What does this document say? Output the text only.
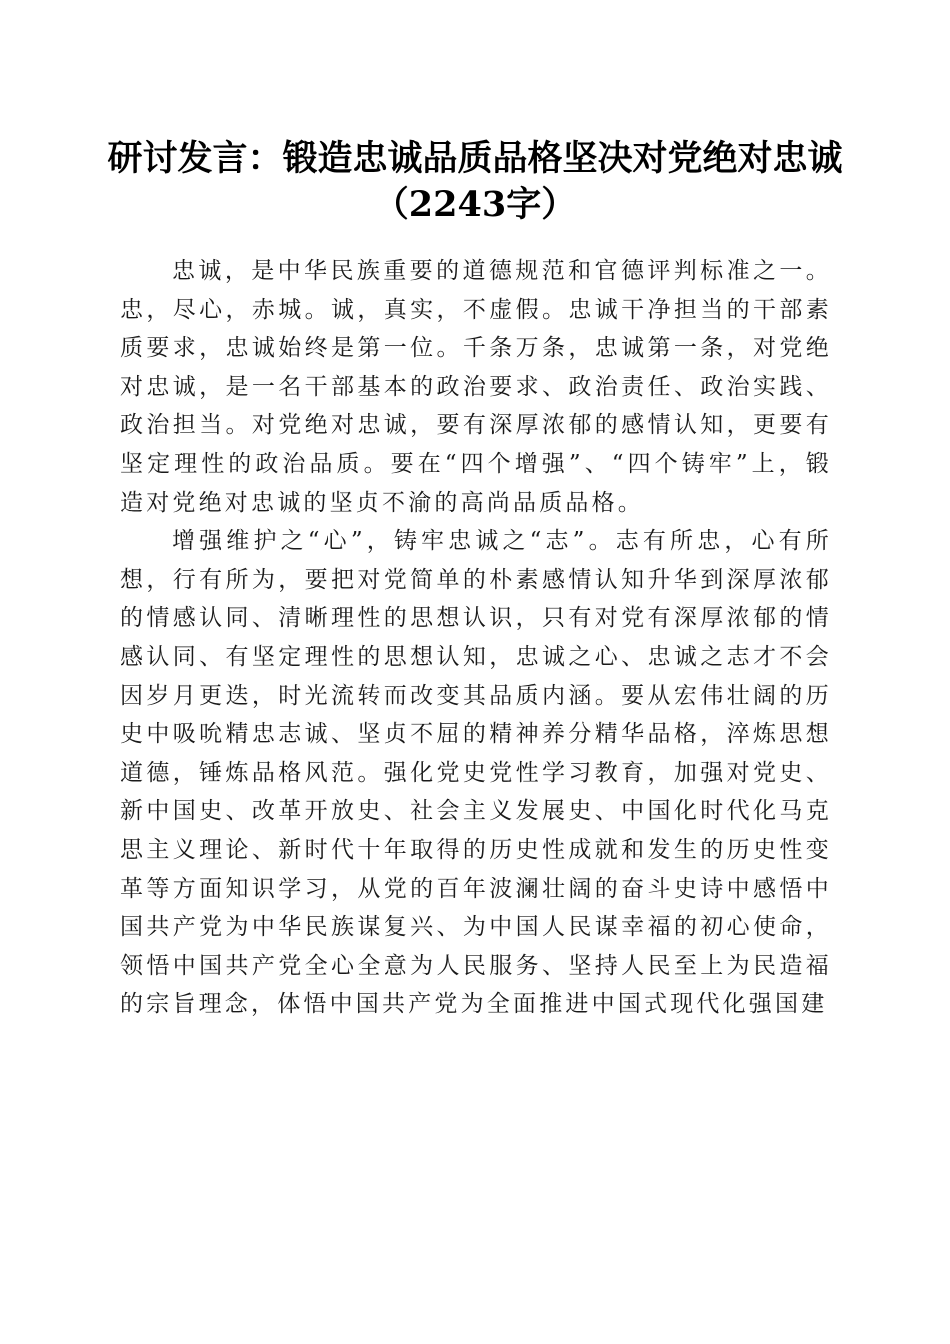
研讨发言：锻造忠诚品质品格坚决对党绝对忠诚（2243字）

忠诚，是中华民族重要的道德规范和官德评判标准之一。忠，尽心，赤城。诚，真实，不虚假。忠诚干净担当的干部素质要求，忠诚始终是第一位。千条万条，忠诚第一条，对党绝对忠诚，是一名干部基本的政治要求、政治责任、政治实践、政治担当。对党绝对忠诚，要有深厚浓郁的感情认知，更要有坚定理性的政治品质。要在“四个增强”、“四个铸牢”上，锻造对党绝对忠诚的坚贞不渝的高尚品质品格。

增强维护之“心”，铸牢忠诚之“志”。志有所忠，心有所想，行有所为，要把对党简单的朴素感情认知升华到深厚浓郁的情感认同、清晰理性的思想认识，只有对党有深厚浓郁的情感认同、有坚定理性的思想认知，忠诚之心、忠诚之志才不会因岁月更迭，时光流转而改变其品质内涵。要从宏伟壮阔的历史中吸吮精忠志诚、坚贞不屈的精神养分精华品格，淬炼思想道德，锤炼品格风范。强化党史党性学习教育，加强对党史、新中国史、改革开放史、社会主义发展史、中国化时代化马克思主义理论、新时代十年取得的历史性成就和发生的历史性变革等方面知识学习，从党的百年波澜壮阔的奋斗史诗中感悟中国共产党为中华民族谋复兴、为中国人民谋幸福的初心使命，领悟中国共产党全心全意为人民服务、坚持人民至上为民造福的宗旨理念，体悟中国共产党为全面推进中国式现代化强国建
